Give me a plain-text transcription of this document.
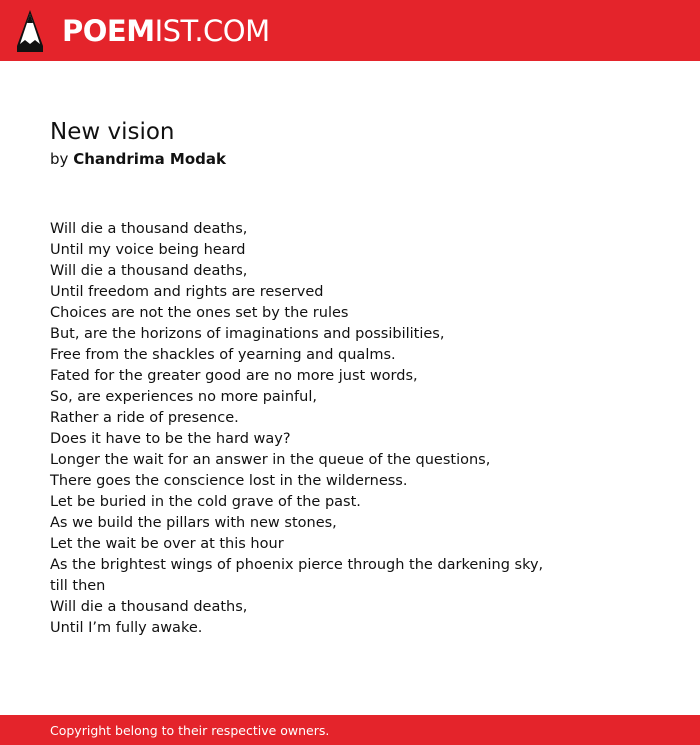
POEMIST.COM
New vision
by Chandrima Modak
Will die a thousand deaths,
Until my voice being heard
Will die a thousand deaths,
Until freedom and rights are reserved
Choices are not the ones set by the rules
But, are the horizons of imaginations and possibilities,
Free from the shackles of yearning and qualms.
Fated for the greater good are no more just words,
So, are experiences no more painful,
Rather a ride of presence.
Does it have to be the hard way?
Longer the wait for an answer in the queue of the questions,
There goes the conscience lost in the wilderness.
Let be buried in the cold grave of the past.
As we build the pillars with new stones,
Let the wait be over at this hour
As the brightest wings of phoenix pierce through the darkening sky, till then
Will die a thousand deaths,
Until I’m fully awake.
Copyright belong to their respective owners.
